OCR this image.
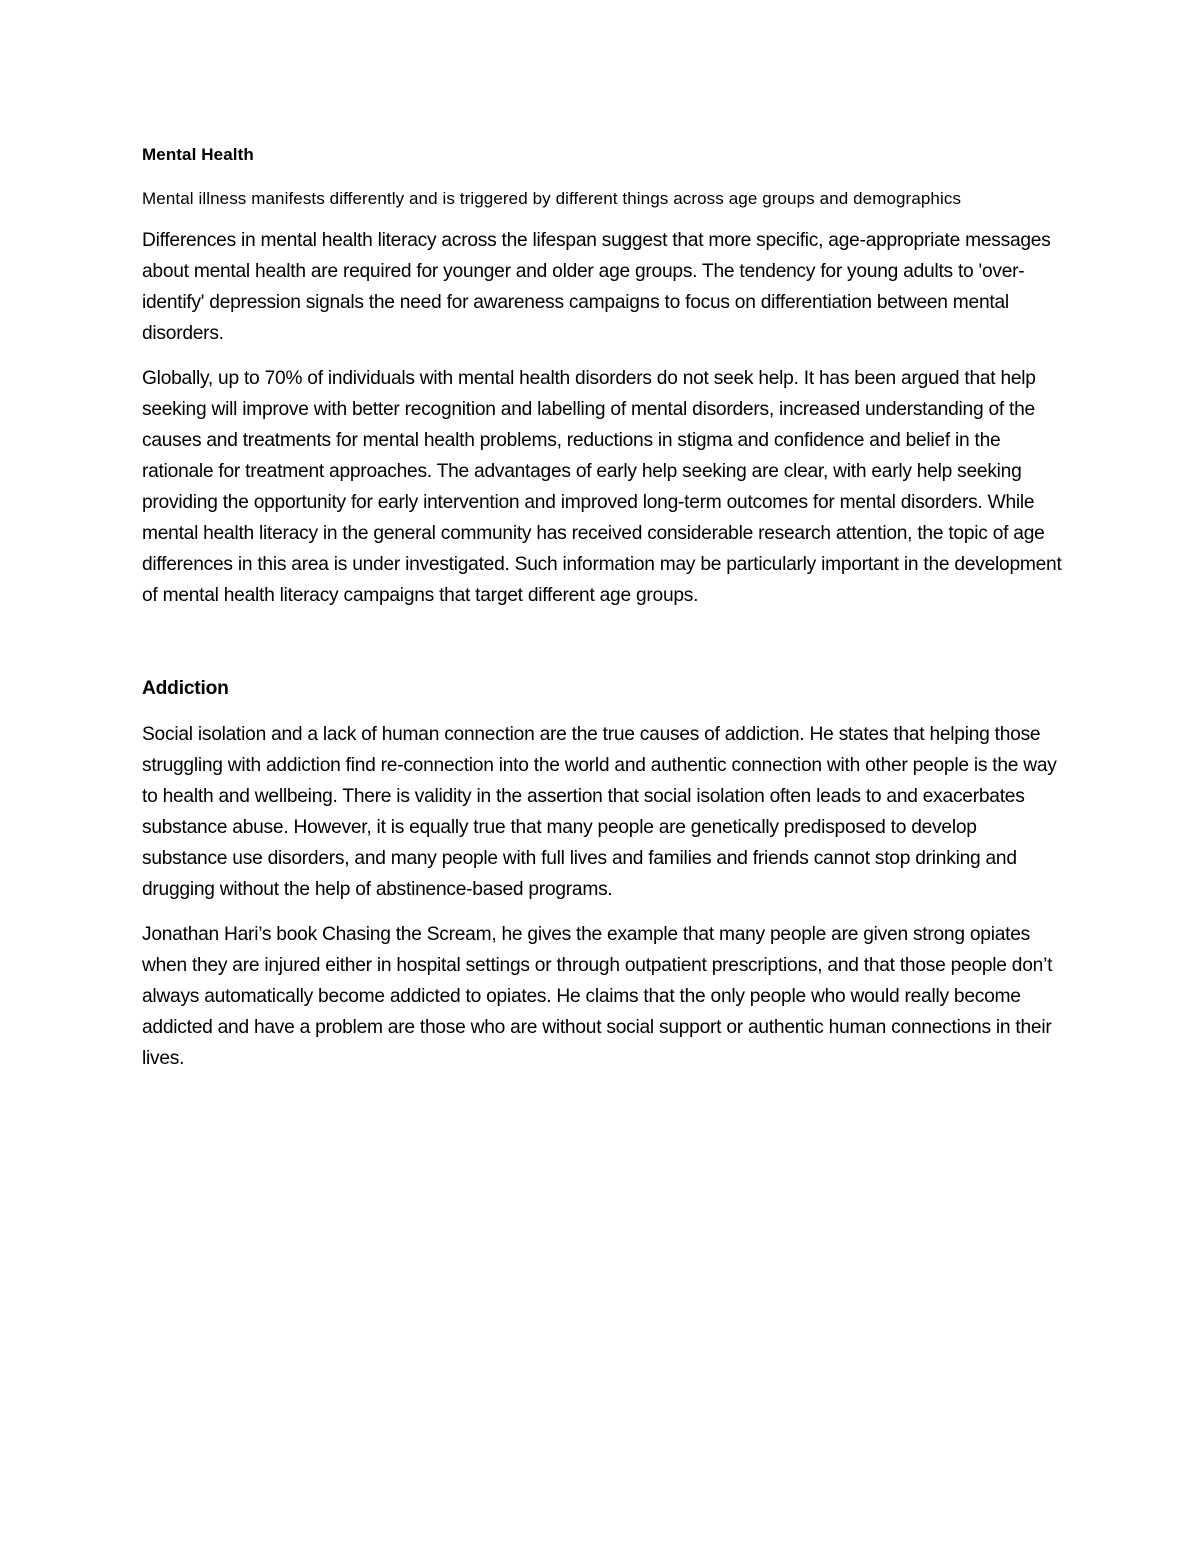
Mental Health
Mental illness manifests differently and is triggered by different things across age groups and demographics

Differences in mental health literacy across the lifespan suggest that more specific, age-appropriate messages about mental health are required for younger and older age groups. The tendency for young adults to 'over-identify' depression signals the need for awareness campaigns to focus on differentiation between mental disorders.

Globally, up to 70% of individuals with mental health disorders do not seek help. It has been argued that help seeking will improve with better recognition and labelling of mental disorders, increased understanding of the causes and treatments for mental health problems, reductions in stigma and confidence and belief in the rationale for treatment approaches. The advantages of early help seeking are clear, with early help seeking providing the opportunity for early intervention and improved long-term outcomes for mental disorders. While mental health literacy in the general community has received considerable research attention, the topic of age differences in this area is under investigated. Such information may be particularly important in the development of mental health literacy campaigns that target different age groups.

Addiction

Social isolation and a lack of human connection are the true causes of addiction. He states that helping those struggling with addiction find re-connection into the world and authentic connection with other people is the way to health and wellbeing. There is validity in the assertion that social isolation often leads to and exacerbates substance abuse. However, it is equally true that many people are genetically predisposed to develop substance use disorders, and many people with full lives and families and friends cannot stop drinking and drugging without the help of abstinence-based programs.

Jonathan Hari’s book Chasing the Scream, he gives the example that many people are given strong opiates when they are injured either in hospital settings or through outpatient prescriptions, and that those people don’t always automatically become addicted to opiates. He claims that the only people who would really become addicted and have a problem are those who are without social support or authentic human connections in their lives.
